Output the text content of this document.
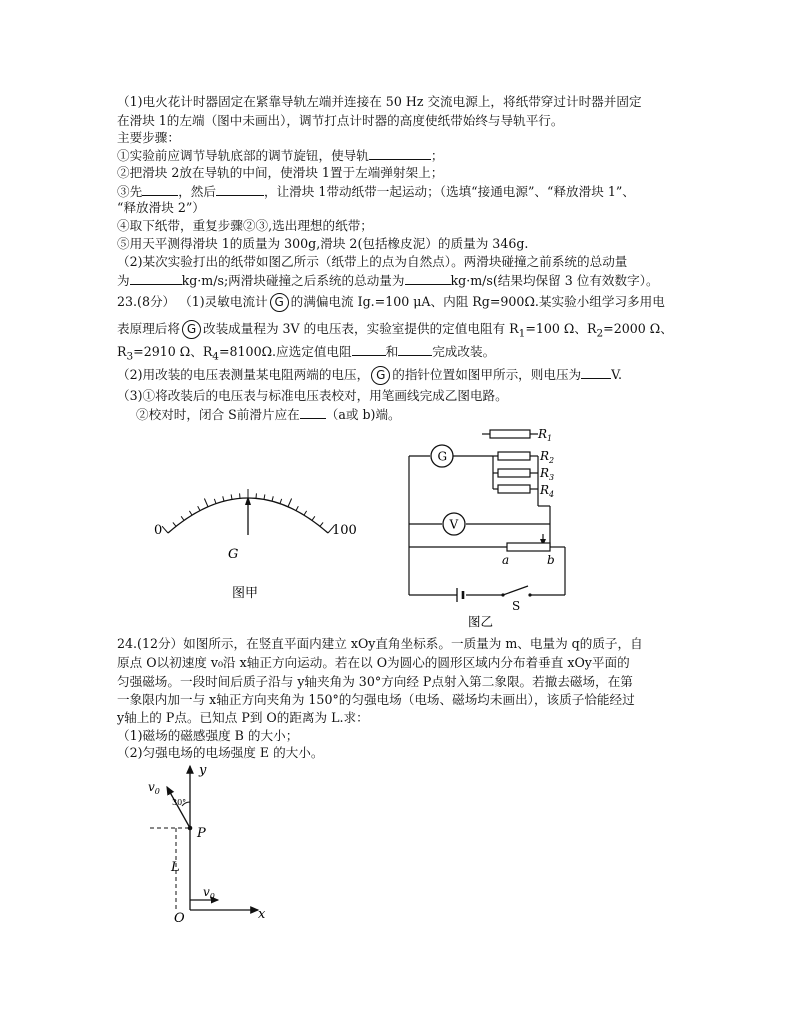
（1)电火花计时器固定在紧靠导轨左端并连接在 50 Hz 交流电源上，将纸带穿过计时器并固定
在滑块 1的左端（图中未画出），调节打点计时器的高度使纸带始终与导轨平行。
主要步骤：
①实验前应调节导轨底部的调节旋钮，使导轨	；
②把滑块 2放在导轨的中间，使滑块 1置于左端弹射架上；
③先	，然后	，让滑块 1带动纸带一起运动；（选填“接通电源”、“释放滑块 1”、
“释放滑块 2”）
④取下纸带，重复步骤②③,选出理想的纸带；
⑤用天平测得滑块 1的质量为 300g,滑块 2(包括橡皮泥）的质量为 346g.
（2)某次实验打出的纸带如图乙所示（纸带上的点为自然点）。两滑块碰撞之前系统的总动量
为	kg·m/s;两滑块碰撞之后系统的总动量为	kg·m/s(结果均保留 3 位有效数字）。
23.(8分） （1)灵敏电流计 G 的满偏电流 Ig.=100 μA、内阻 Rg=900Ω.某实验小组学习多用电
表原理后将 G 改装成量程为 3V 的电压表，实验室提供的定值电阻有 $R_1=100$ Ω、$R_2=2000$ Ω、
$R_3=2910$ Ω、$R_4=8100\Omega$.应选定值电阻	和	完成改装。
（2)用改装的电压表测量某电阻两端的电压， G 的指针位置如图甲所示，则电压为 V.
（3)①将改装后的电压表与标准电压表校对，用笔画线完成乙图电路。
②校对时，闭合 S前滑片应在 （a或 b)端。
0	100
G
图甲
G
V
$R_1$
$R_2$
$R_3$
$R_4$
a	b
S
图乙
24.(12分）如图所示，在竖直平面内建立 xOy直角坐标系。一质量为 m、电量为 q的质子，自
原点 O以初速度 v₀沿 x轴正方向运动。若在以 O为圆心的圆形区域内分布着垂直 xOy平面的
匀强磁场。一段时间后质子沿与 y轴夹角为 30°方向经 P点射入第二象限。若撤去磁场，在第
一象限内加一与 x轴正方向夹角为 150°的匀强电场（电场、磁场均未画出），该质子恰能经过
y轴上的 P点。已知点 P到 O的距离为 L.求：
（1)磁场的磁感强度 B 的大小；
（2)匀强电场的电场强度 E 的大小。
y
x
O
P
L
$v_0$
$v_0$
30°
